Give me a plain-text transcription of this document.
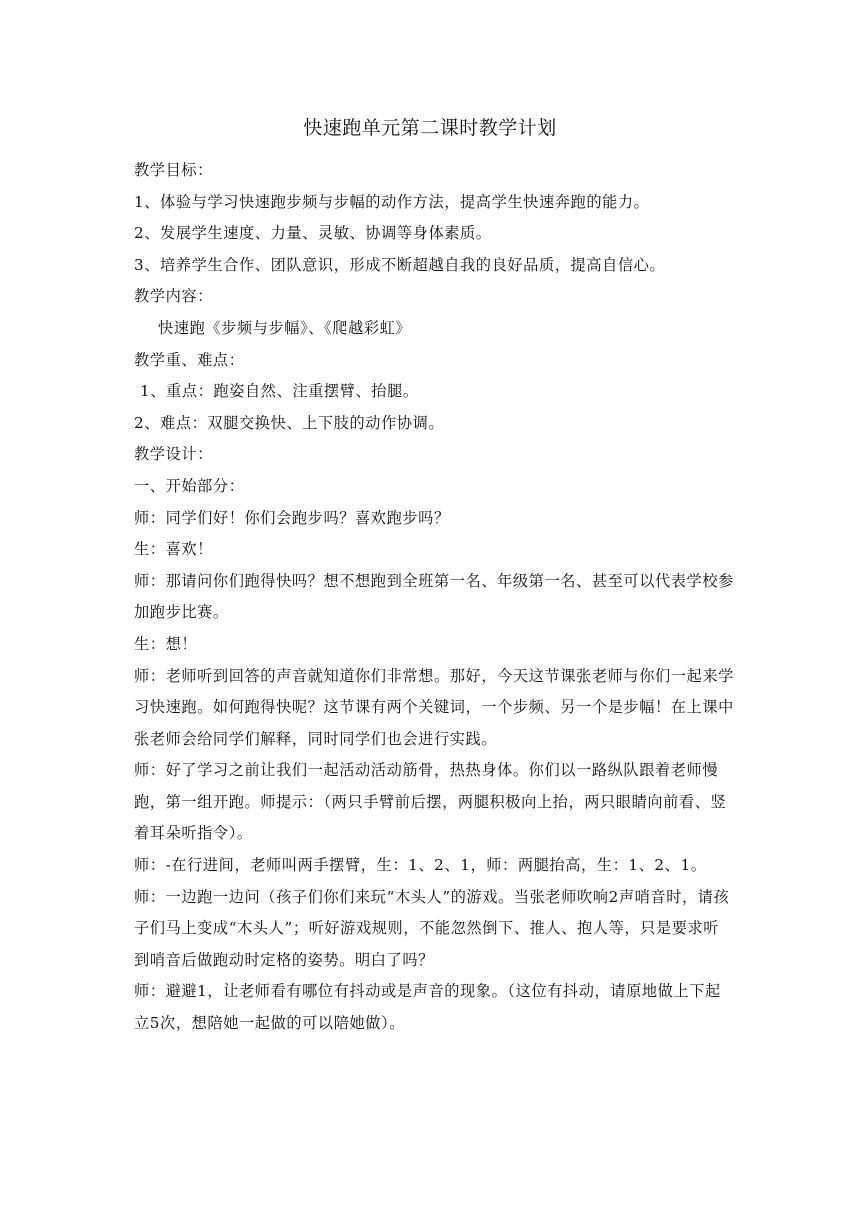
快速跑单元第二课时教学计划

教学目标：

1、体验与学习快速跑步频与步幅的动作方法，提高学生快速奔跑的能力。

2、发展学生速度、力量、灵敏、协调等身体素质。

3、培养学生合作、团队意识，形成不断超越自我的良好品质，提高自信心。

教学内容：

快速跑《步频与步幅》、《爬越彩虹》

教学重、难点：

1、重点：跑姿自然、注重摆臂、抬腿。

2、难点：双腿交换快、上下肢的动作协调。

教学设计：

一、开始部分：

师：同学们好！你们会跑步吗？喜欢跑步吗？

生：喜欢！

师：那请问你们跑得快吗？想不想跑到全班第一名、年级第一名、甚至可以代表学校参加跑步比赛。

生：想！

师：老师听到回答的声音就知道你们非常想。那好，今天这节课张老师与你们一起来学习快速跑。如何跑得快呢？这节课有两个关键词，一个步频、另一个是步幅！在上课中张老师会给同学们解释，同时同学们也会进行实践。

师：好了学习之前让我们一起活动活动筋骨，热热身体。你们以一路纵队跟着老师慢跑，第一组开跑。师提示：（两只手臂前后摆，两腿积极向上抬，两只眼睛向前看、竖着耳朵听指令）。

师：-在行进间，老师叫两手摆臂，生：1、2、1，师：两腿抬高，生：1、2、1。

师：一边跑一边问（孩子们你们来玩“木头人”的游戏。当张老师吹响2声哨音时，请孩子们马上变成“木头人”；听好游戏规则，不能忽然倒下、推人、抱人等，只是要求听到哨音后做跑动时定格的姿势。明白了吗？

师：避避1，让老师看有哪位有抖动或是声音的现象。（这位有抖动，请原地做上下起立5次，想陪她一起做的可以陪她做）。
